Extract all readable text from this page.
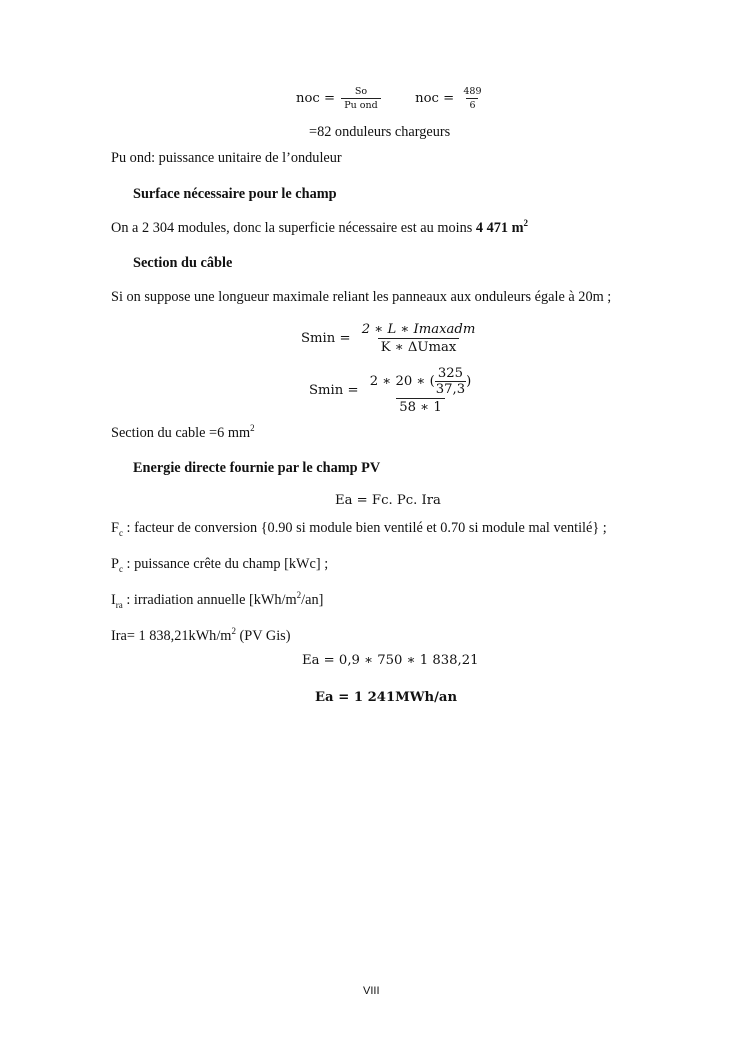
noc = $\frac{So}{\text{Pu ond}}$	noc = $\frac{489}{6}$
=82 onduleurs chargeurs
Pu ond: puissance unitaire de l’onduleur
Surface nécessaire pour le champ
On a 2 304 modules, donc la superficie nécessaire est au moins 4 471 $m^2$
Section du câble
Si on suppose une longueur maximale reliant les panneaux aux onduleurs égale à 20m ;
$Smin = \frac{\text{2 ∗ L ∗ Imaxadm}}{K ∗ \Delta Umax}$
$Smin = \frac{2 ∗ 20 ∗ ( \frac{325}{37,3} )}{58 ∗ 1}$
Section du cable =6 $mm^2$
Energie directe fournie par le champ PV
Ea = Fc. Pc. Ira
$F_c$ : facteur de conversion {0.90 si module bien ventilé et 0.70 si module mal ventilé} ;
$P_c$ : puissance crête du champ [kWc] ;
$I_{ra}$ : irradiation annuelle $[kWh/m^2/an]$
Ira= 1 $838,21kWh/m^2$ (PV Gis)
Ea = 0,9 ∗ 750 ∗ 1 838,21
Ea = 1 241MWh/an
VIII
